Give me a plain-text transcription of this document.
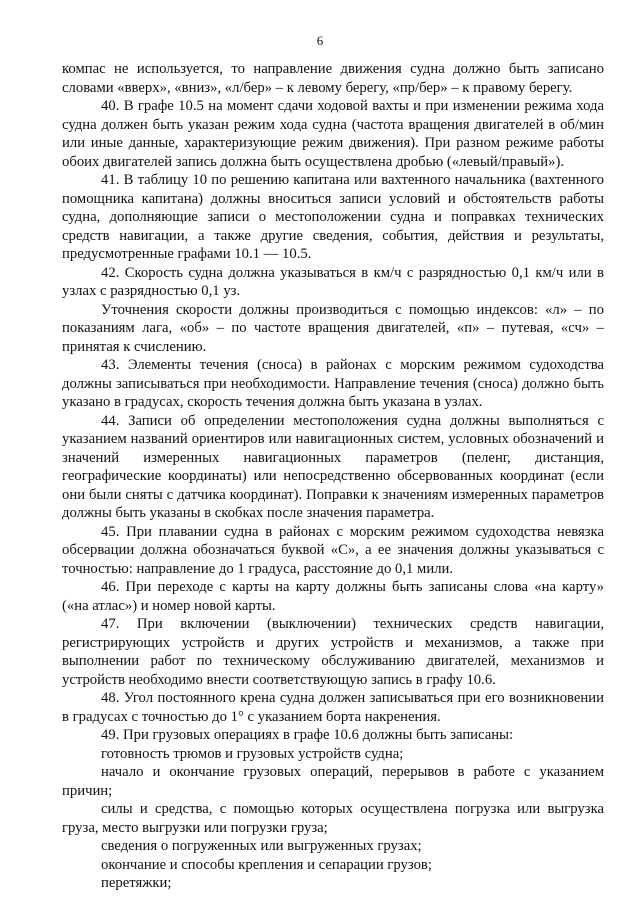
6

компас не используется, то направление движения судна должно быть записано словами «вверх», «вниз», «л/бер» – к левому берегу, «пр/бер» – к правому берегу.

40. В графе 10.5 на момент сдачи ходовой вахты и при изменении режима хода судна должен быть указан режим хода судна (частота вращения двигателей в об/мин или иные данные, характеризующие режим движения). При разном режиме работы обоих двигателей запись должна быть осуществлена дробью («левый/правый»).

41. В таблицу 10 по решению капитана или вахтенного начальника (вахтенного помощника капитана) должны вноситься записи условий и обстоятельств работы судна, дополняющие записи о местоположении судна и поправках технических средств навигации, а также другие сведения, события, действия и результаты, предусмотренные графами 10.1 — 10.5.

42. Скорость судна должна указываться в км/ч с разрядностью 0,1 км/ч или в узлах с разрядностью 0,1 уз.

Уточнения скорости должны производиться с помощью индексов: «л» – по показаниям лага, «об» – по частоте вращения двигателей, «п» – путевая, «сч» – принятая к счислению.

43. Элементы течения (сноса) в районах с морским режимом судоходства должны записываться при необходимости. Направление течения (сноса) должно быть указано в градусах, скорость течения должна быть указана в узлах.

44. Записи об определении местоположения судна должны выполняться с указанием названий ориентиров или навигационных систем, условных обозначений и значений измеренных навигационных параметров (пеленг, дистанция, географические координаты) или непосредственно обсервованных координат (если они были сняты с датчика координат). Поправки к значениям измеренных параметров должны быть указаны в скобках после значения параметра.

45. При плавании судна в районах с морским режимом судоходства невязка обсервации должна обозначаться буквой «С», а ее значения должны указываться с точностью: направление до 1 градуса, расстояние до 0,1 мили.

46. При переходе с карты на карту должны быть записаны слова «на карту» («на атлас») и номер новой карты.

47. При включении (выключении) технических средств навигации, регистрирующих устройств и других устройств и механизмов, а также при выполнении работ по техническому обслуживанию двигателей, механизмов и устройств необходимо внести соответствующую запись в графу 10.6.

48. Угол постоянного крена судна должен записываться при его возникновении в градусах с точностью до 1° с указанием борта накренения.

49. При грузовых операциях в графе 10.6 должны быть записаны:

готовность трюмов и грузовых устройств судна;

начало и окончание грузовых операций, перерывов в работе с указанием причин;

силы и средства, с помощью которых осуществлена погрузка или выгрузка груза, место выгрузки или погрузки груза;

сведения о погруженных или выгруженных грузах;

окончание и способы крепления и сепарации грузов;

перетяжки;
